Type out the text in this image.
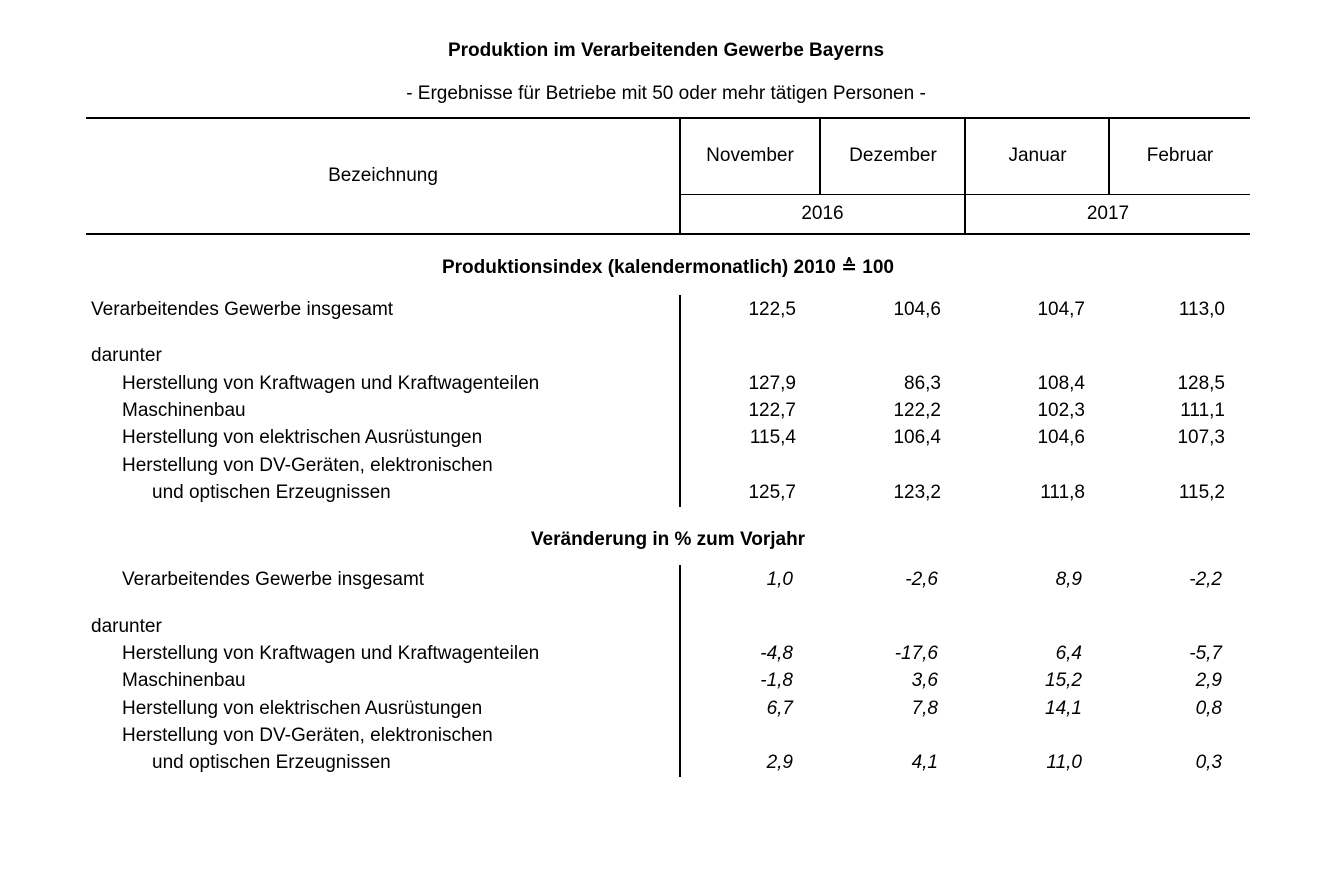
Produktion im Verarbeitenden Gewerbe Bayerns
- Ergebnisse für Betriebe mit 50 oder mehr tätigen Personen -
Bezeichnung
November	Dezember	Januar	Februar
2016	2017
Produktionsindex (kalendermonatlich) 2010 ≙ 100
Verarbeitendes Gewerbe insgesamt	122,5	104,6	104,7	113,0
darunter
Herstellung von Kraftwagen und Kraftwagenteilen	127,9	86,3	108,4	128,5
Maschinenbau	122,7	122,2	102,3	111,1
Herstellung von elektrischen Ausrüstungen	115,4	106,4	104,6	107,3
Herstellung von DV-Geräten, elektronischen
und optischen Erzeugnissen	125,7	123,2	111,8	115,2
Veränderung in % zum Vorjahr
Verarbeitendes Gewerbe insgesamt	1,0	-2,6	8,9	-2,2
darunter
Herstellung von Kraftwagen und Kraftwagenteilen	-4,8	-17,6	6,4	-5,7
Maschinenbau	-1,8	3,6	15,2	2,9
Herstellung von elektrischen Ausrüstungen	6,7	7,8	14,1	0,8
Herstellung von DV-Geräten, elektronischen
und optischen Erzeugnissen	2,9	4,1	11,0	0,3
